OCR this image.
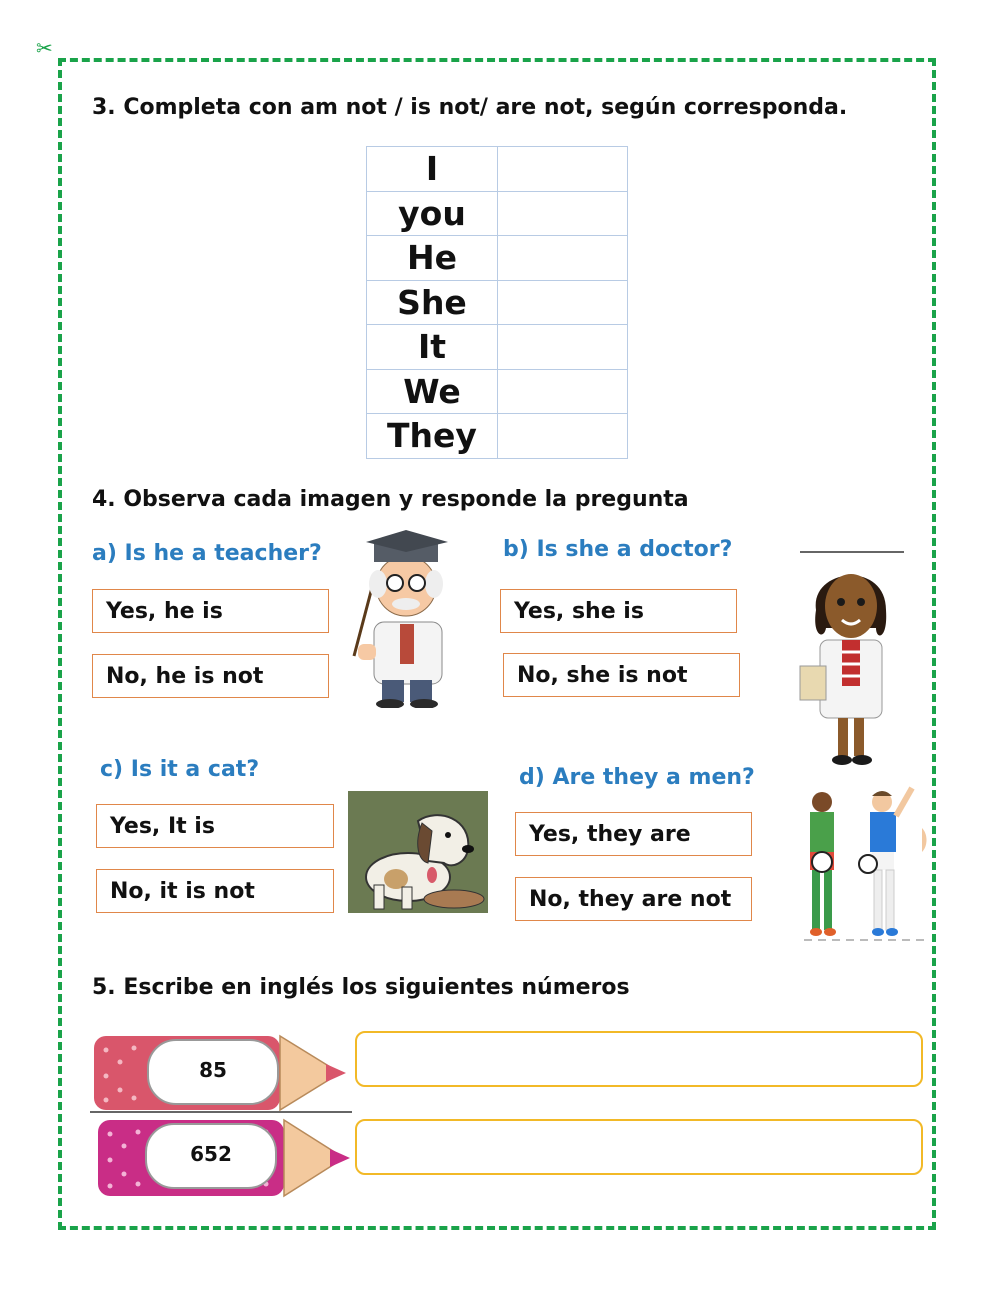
✂
3. Completa con am not / is not/ are not, según corresponda.
I	
you	
He	
She	
It	
We	
They	
4. Observa cada imagen y responde la pregunta
a) Is he a teacher?
Yes, he is
No, he is not
b) Is she a doctor?
Yes, she is
No, she is not
c) Is it a cat?
Yes, It is
No, it is not
d) Are they a men?
Yes, they are
No, they are not
5. Escribe en inglés los siguientes números
85
652
